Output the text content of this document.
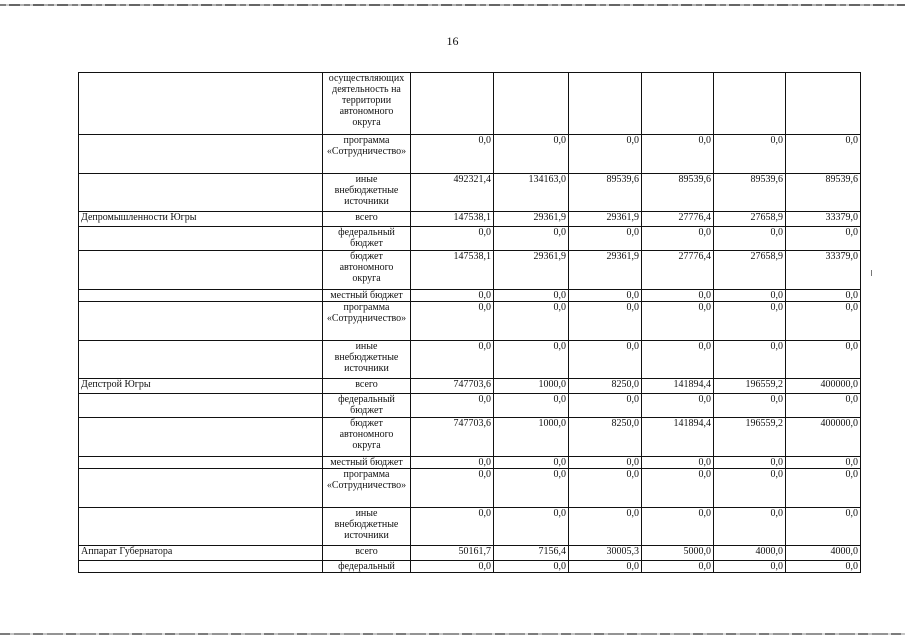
16
	осуществляющих деятельность на территории автономного округа						
	программа «Сотрудничество»	0,0	0,0	0,0	0,0	0,0	0,0
	иные внебюджетные источники	492321,4	134163,0	89539,6	89539,6	89539,6	89539,6
Депромышленности Югры	всего	147538,1	29361,9	29361,9	27776,4	27658,9	33379,0
	федеральный бюджет	0,0	0,0	0,0	0,0	0,0	0,0
	бюджет автономного округа	147538,1	29361,9	29361,9	27776,4	27658,9	33379,0
	местный бюджет	0,0	0,0	0,0	0,0	0,0	0,0
	программа «Сотрудничество»	0,0	0,0	0,0	0,0	0,0	0,0
	иные внебюджетные источники	0,0	0,0	0,0	0,0	0,0	0,0
Депстрой Югры	всего	747703,6	1000,0	8250,0	141894,4	196559,2	400000,0
	федеральный бюджет	0,0	0,0	0,0	0,0	0,0	0,0
	бюджет автономного округа	747703,6	1000,0	8250,0	141894,4	196559,2	400000,0
	местный бюджет	0,0	0,0	0,0	0,0	0,0	0,0
	программа «Сотрудничество»	0,0	0,0	0,0	0,0	0,0	0,0
	иные внебюджетные источники	0,0	0,0	0,0	0,0	0,0	0,0
Аппарат Губернатора	всего	50161,7	7156,4	30005,3	5000,0	4000,0	4000,0
	федеральный	0,0	0,0	0,0	0,0	0,0	0,0
